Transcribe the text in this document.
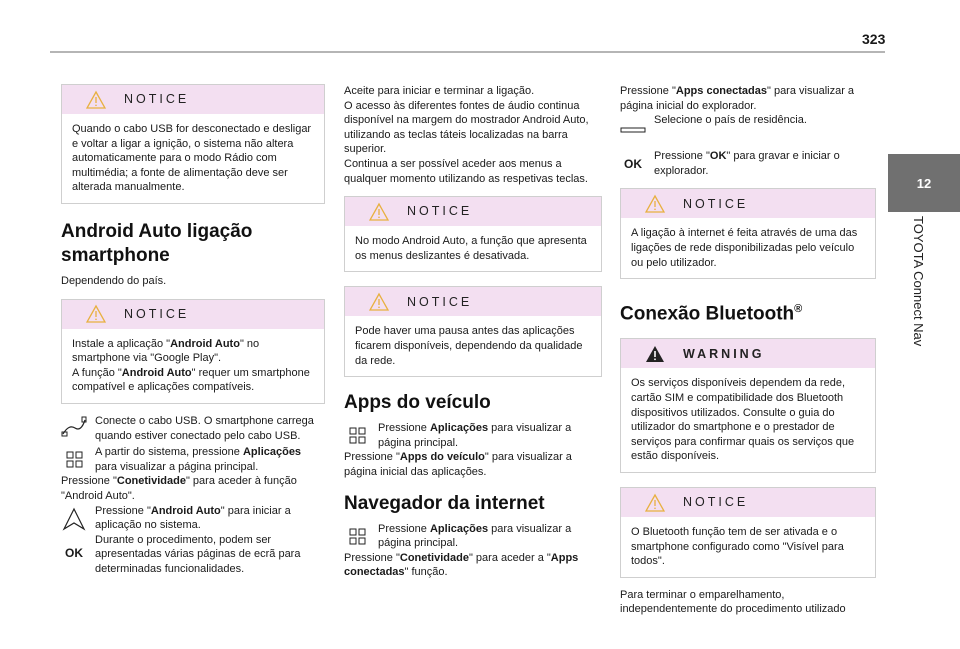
323
12
TOYOTA Connect Nav
NOTICE
Quando o cabo USB for desconectado e desligar e voltar a ligar a ignição, o sistema não altera automaticamente para o modo Rádio com multimédia; a fonte de alimentação deve ser alterada manualmente.
Android Auto ligação smartphone

Dependendo do país.

NOTICE

Instale a aplicação "Android Auto" no smartphone via "Google Play".

A função "Android Auto" requer um smartphone compatível e aplicações compatíveis.

Conecte o cabo USB. O smartphone carrega quando estiver conectado pelo cabo USB.

A partir do sistema, pressione Aplicações para visualizar a página principal.

Pressione "Conetividade" para aceder à função "Android Auto".

Pressione "Android Auto" para iniciar a aplicação no sistema.

OK

Durante o procedimento, podem ser apresentadas várias páginas de ecrã para determinadas funcionalidades.

Aceite para iniciar e terminar a ligação.

O acesso às diferentes fontes de áudio continua disponível na margem do mostrador Android Auto, utilizando as teclas táteis localizadas na barra superior.

Continua a ser possível aceder aos menus a qualquer momento utilizando as respetivas teclas.

NOTICE
No modo Android Auto, a função que apresenta os menus deslizantes é desativada.
NOTICE
Pode haver uma pausa antes das aplicações ficarem disponíveis, dependendo da qualidade da rede.
Apps do veículo

Pressione Aplicações para visualizar a página principal.

Pressione "Apps do veículo" para visualizar a página inicial das aplicações.

Navegador da internet

Pressione Aplicações para visualizar a página principal.

Pressione "Conetividade" para aceder a "Apps conectadas" função.

Pressione "Apps conectadas" para visualizar a página inicial do explorador.

Selecione o país de residência.

OK

Pressione "OK" para gravar e iniciar o explorador.

NOTICE
A ligação à internet é feita através de uma das ligações de rede disponibilizadas pelo veículo ou pelo utilizador.
Conexão Bluetooth®
WARNING
Os serviços disponíveis dependem da rede, cartão SIM e compatibilidade dos Bluetooth dispositivos utilizados. Consulte o guia do utilizador do smartphone e o prestador de serviços para confirmar quais os serviços que estão disponíveis.
NOTICE
O Bluetooth função tem de ser ativada e o smartphone configurado como "Visível para todos".

Para terminar o emparelhamento, independentemente do procedimento utilizado
